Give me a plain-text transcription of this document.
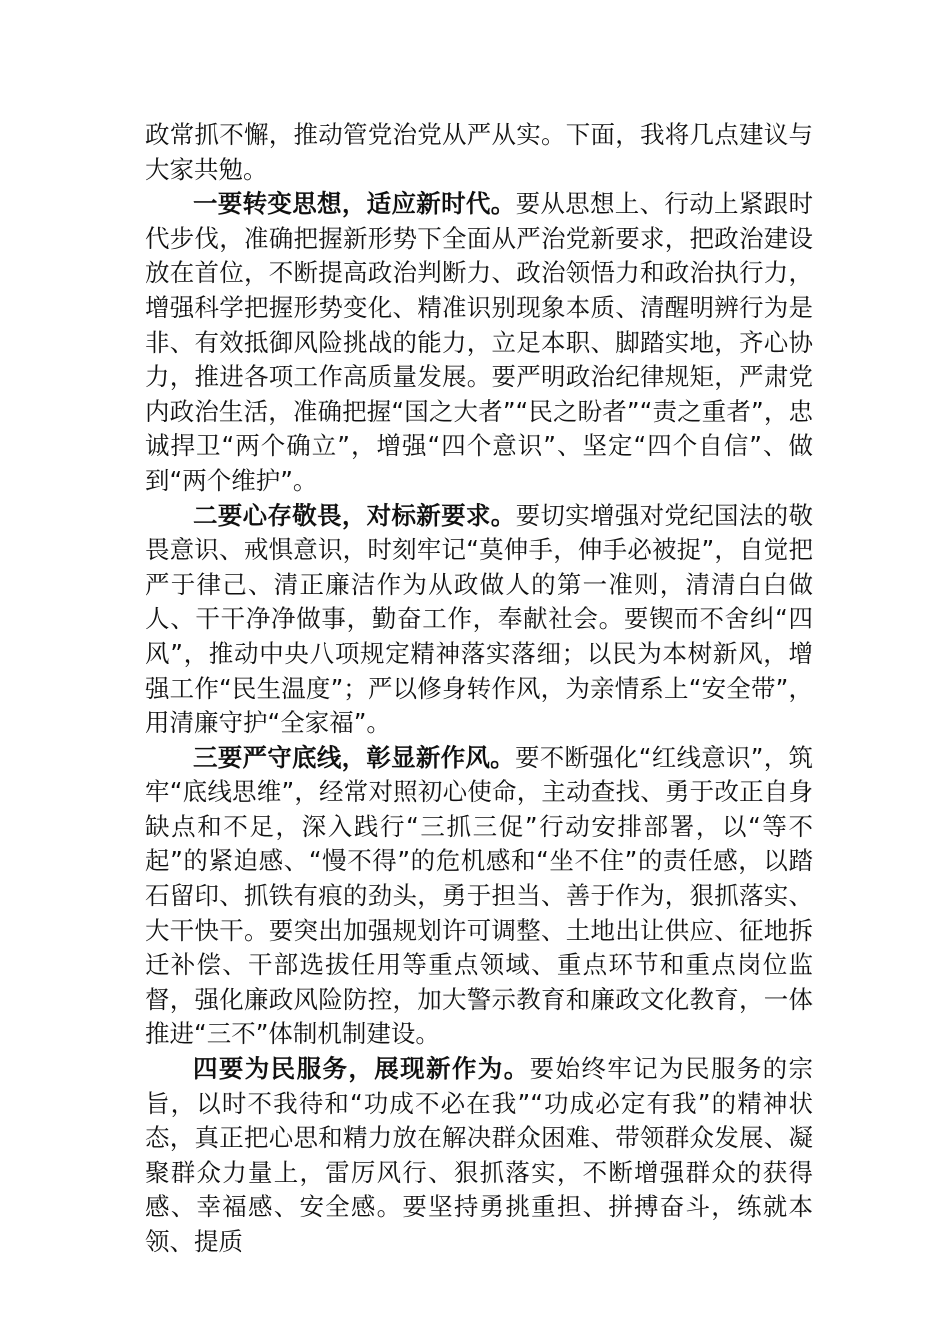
政常抓不懈，推动管党治党从严从实。下面，我将几点建议与大家共勉。

一要转变思想，适应新时代。要从思想上、行动上紧跟时代步伐，准确把握新形势下全面从严治党新要求，把政治建设放在首位，不断提高政治判断力、政治领悟力和政治执行力，增强科学把握形势变化、精准识别现象本质、清醒明辨行为是非、有效抵御风险挑战的能力，立足本职、脚踏实地，齐心协力，推进各项工作高质量发展。要严明政治纪律规矩，严肃党内政治生活，准确把握“国之大者”“民之盼者”“责之重者”，忠诚捍卫“两个确立”，增强“四个意识”、坚定“四个自信”、做到“两个维护”。

二要心存敬畏，对标新要求。要切实增强对党纪国法的敬畏意识、戒惧意识，时刻牢记“莫伸手，伸手必被捉”，自觉把严于律己、清正廉洁作为从政做人的第一准则，清清白白做人、干干净净做事，勤奋工作，奉献社会。要锲而不舍纠“四风”，推动中央八项规定精神落实落细；以民为本树新风，增强工作“民生温度”；严以修身转作风，为亲情系上“安全带”，用清廉守护“全家福”。

三要严守底线，彰显新作风。要不断强化“红线意识”，筑牢“底线思维”，经常对照初心使命，主动查找、勇于改正自身缺点和不足，深入践行“三抓三促”行动安排部署，以“等不起”的紧迫感、“慢不得”的危机感和“坐不住”的责任感，以踏石留印、抓铁有痕的劲头，勇于担当、善于作为，狠抓落实、大干快干。要突出加强规划许可调整、土地出让供应、征地拆迁补偿、干部选拔任用等重点领域、重点环节和重点岗位监督，强化廉政风险防控，加大警示教育和廉政文化教育，一体推进“三不”体制机制建设。

四要为民服务，展现新作为。要始终牢记为民服务的宗旨，以时不我待和“功成不必在我”“功成必定有我”的精神状态，真正把心思和精力放在解决群众困难、带领群众发展、凝聚群众力量上，雷厉风行、狠抓落实，不断增强群众的获得感、幸福感、安全感。要坚持勇挑重担、拼搏奋斗，练就本领、提质
